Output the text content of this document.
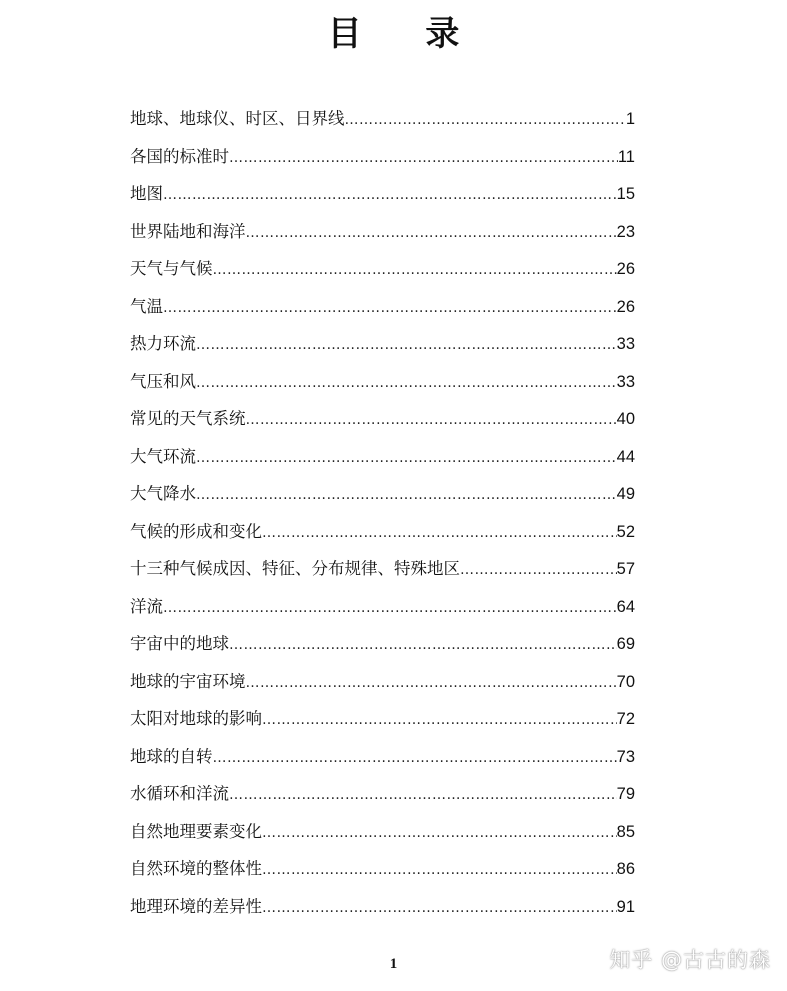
目 录
地球、地球仪、时区、日界线 ………………………………………………………………………………………………………………	1
各国的标准时 ………………………………………………………………………………………………………………	11
地图 ………………………………………………………………………………………………………………	15
世界陆地和海洋 ………………………………………………………………………………………………………………	23
天气与气候 ………………………………………………………………………………………………………………	26
气温 ………………………………………………………………………………………………………………	26
热力环流 ………………………………………………………………………………………………………………	33
气压和风 ………………………………………………………………………………………………………………	33
常见的天气系统 ………………………………………………………………………………………………………………	40
大气环流 ………………………………………………………………………………………………………………	44
大气降水 ………………………………………………………………………………………………………………	49
气候的形成和变化 ………………………………………………………………………………………………………………	52
十三种气候成因、特征、分布规律、特殊地区 ………………………………………………………………………………………………………………	57
洋流 ………………………………………………………………………………………………………………	64
宇宙中的地球 ………………………………………………………………………………………………………………	69
地球的宇宙环境 ………………………………………………………………………………………………………………	70
太阳对地球的影响 ………………………………………………………………………………………………………………	72
地球的自转 ………………………………………………………………………………………………………………	73
水循环和洋流 ………………………………………………………………………………………………………………	79
自然地理要素变化 ………………………………………………………………………………………………………………	85
自然环境的整体性 ………………………………………………………………………………………………………………	86
地理环境的差异性 ………………………………………………………………………………………………………………	91
1	知乎 @古古的森
